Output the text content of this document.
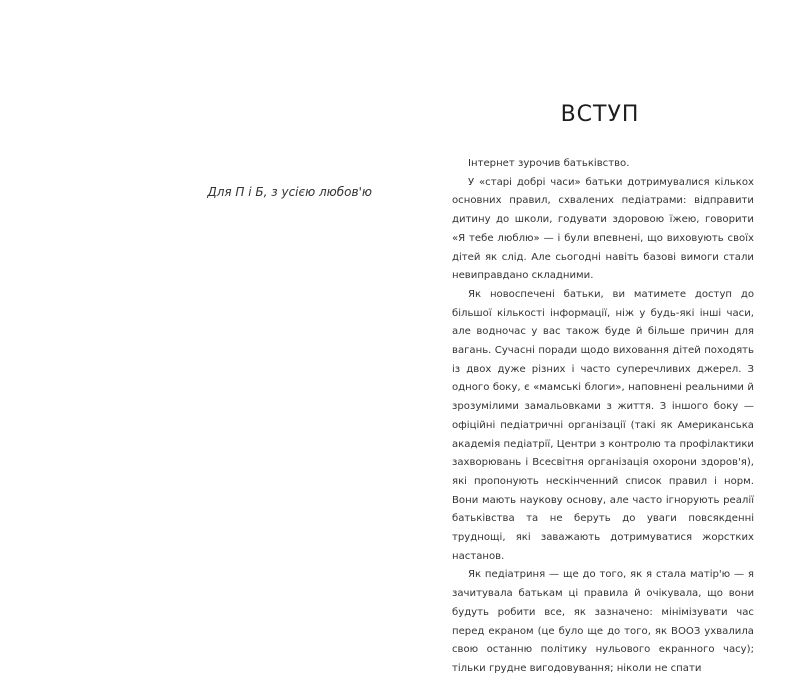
Для П і Б, з усією любов'ю
ВСТУП

Інтернет зурочив батьківство.

У «старі добрі часи» батьки дотримувалися кількох основних правил, схвалених педіатрами: відправити дитину до школи, годувати здоровою їжею, говорити «Я тебе люблю» — і були впевнені, що виховують своїх дітей як слід. Але сьогодні навіть базові вимоги стали невиправдано складними.

Як новоспечені батьки, ви матимете доступ до більшої кількості інформації, ніж у будь-які інші часи, але водночас у вас також буде й більше причин для вагань. Сучасні поради щодо виховання дітей походять із двох дуже різних і часто суперечливих джерел. З одного боку, є «мамські блоги», наповнені реальними й зрозумілими замальовками з життя. З іншого боку — офіційні педіатричні організації (такі як Американська академія педіатрії, Центри з контролю та профілактики захворювань і Всесвітня організація охорони здоров'я), які пропонують нескінченний список правил і норм. Вони мають наукову основу, але часто ігнорують реалії батьківства та не беруть до уваги повсякденні труднощі, які заважають дотримуватися жорстких настанов.

Як педіатриня — ще до того, як я стала матір'ю — я зачитувала батькам ці правила й очікувала, що вони будуть робити все, як зазначено: мінімізувати час перед екраном (це було ще до того, як ВООЗ ухвалила свою останню політику нульового екранного часу); тільки грудне вигодовування; ніколи не спати
